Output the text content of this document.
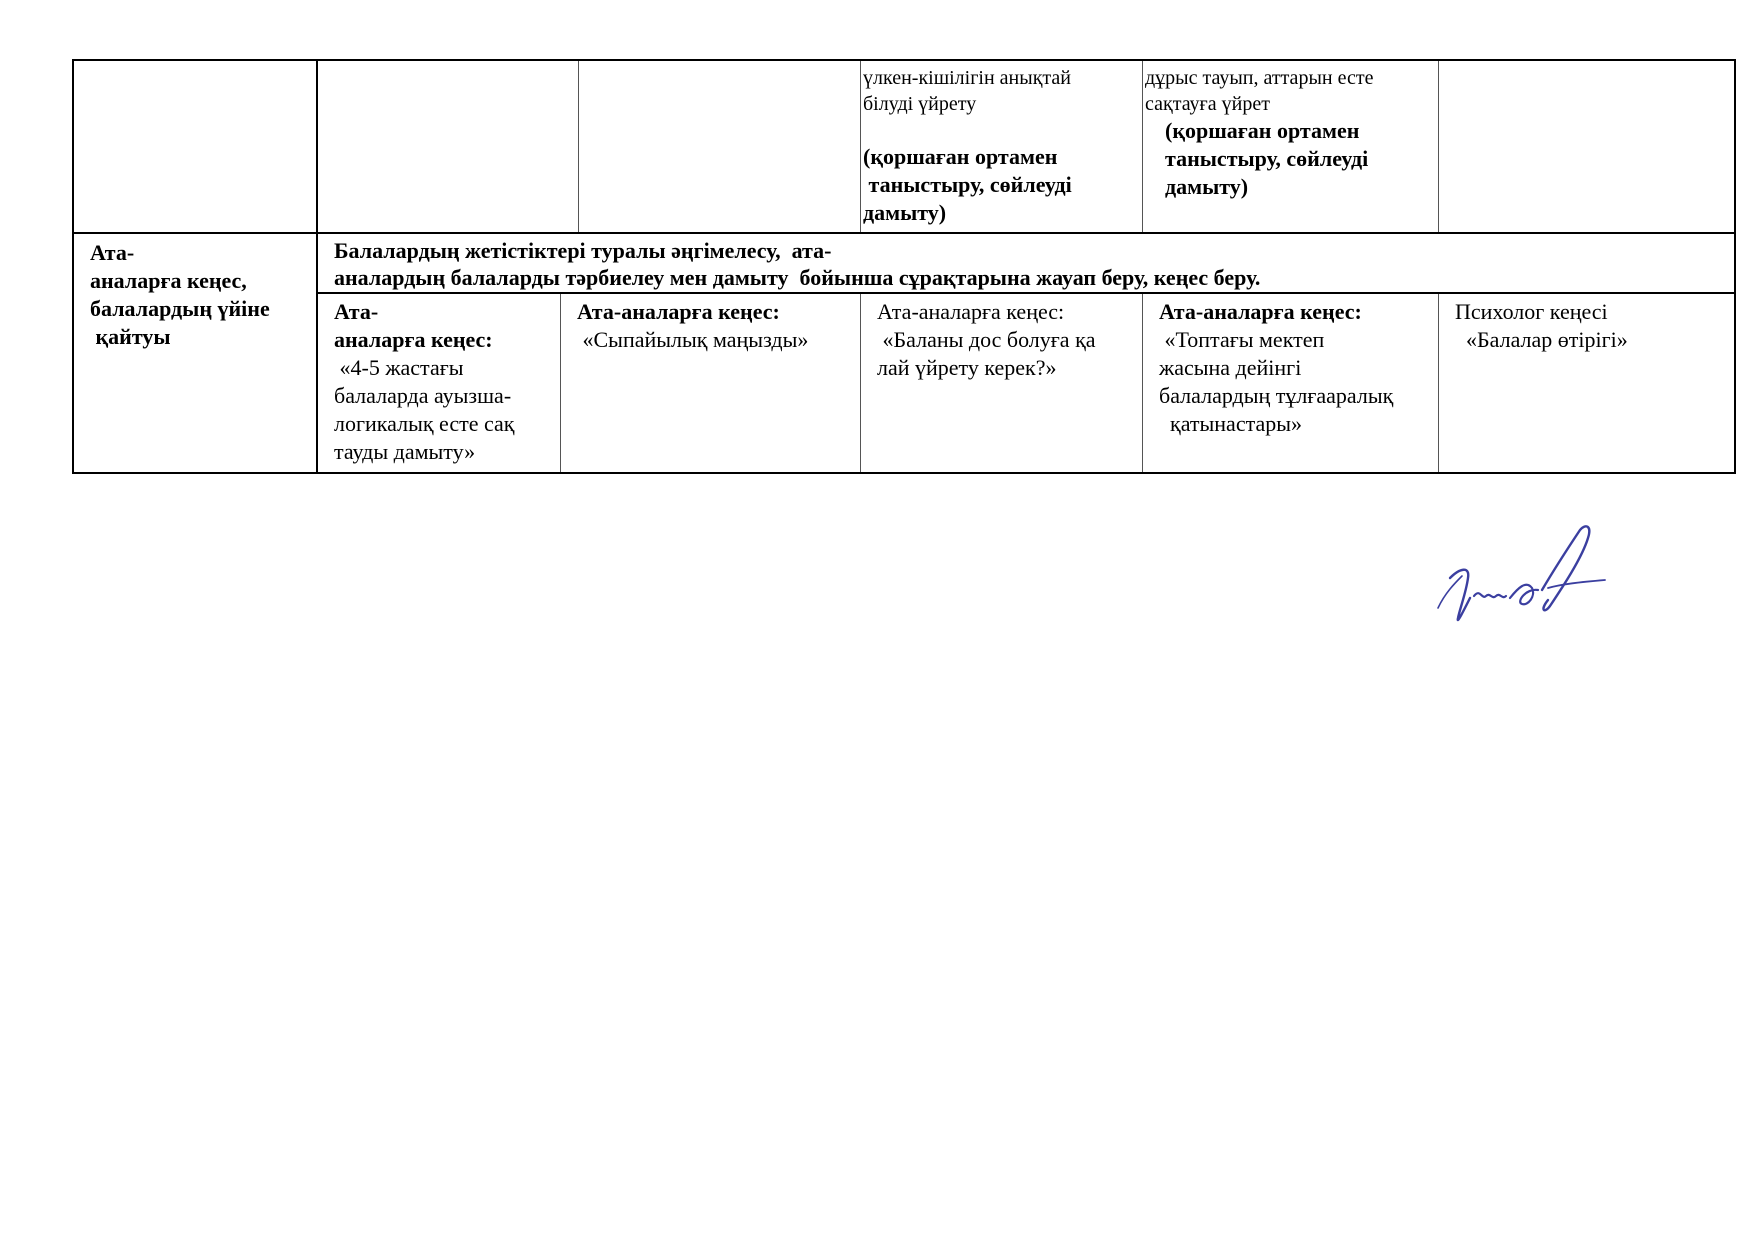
үлкен-кішілігін анықтай
білуді үйрету

(қоршаған ортамен
таныстыру, сөйлеуді
дамыту)
дұрыс тауып, аттарын есте
сақтауға үйрет
(қоршаған ортамен
таныстыру, сөйлеуді
дамыту)
Ата-
аналарға кеңес,
балалардың үйіне
қайтуы
Балалардың жетістіктері туралы әңгімелесу,  ата-
аналардың балаларды тәрбиелеу мен дамыту  бойынша сұрақтарына жауап беру, кеңес беру.
Ата-
аналарға кеңес:
«4-5 жастағы
балаларда ауызша-
логикалық есте сақ
тауды дамыту»
Ата-аналарға кеңес:
«Сыпайылық маңызды»
Ата-аналарға кеңес:
«Баланы дос болуға қа
лай үйрету керек?»
Ата-аналарға кеңес:
«Топтағы мектеп
жасына дейінгі
балалардың тұлғааралық
қатынастары»
Психолог кеңесі
«Балалар өтірігі»
